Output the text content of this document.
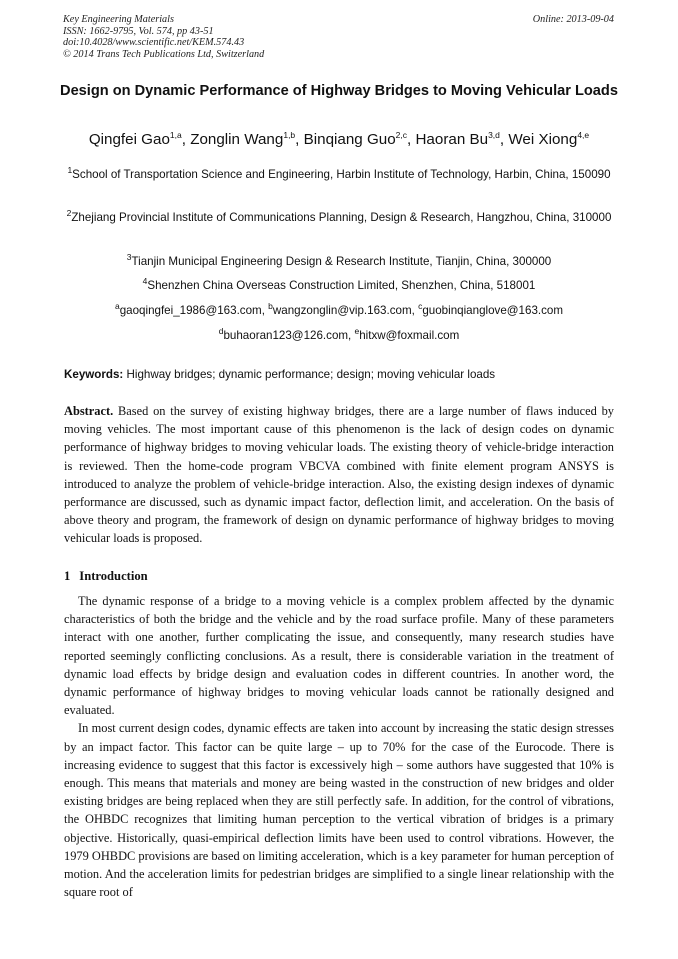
Key Engineering Materials
ISSN: 1662-9795, Vol. 574, pp 43-51
doi:10.4028/www.scientific.net/KEM.574.43
© 2014 Trans Tech Publications Ltd, Switzerland
Online: 2013-09-04
Design on Dynamic Performance of Highway Bridges to Moving Vehicular Loads
Qingfei Gao$^{1,a}$, Zonglin Wang$^{1,b}$, Binqiang Guo$^{2,c}$, Haoran Bu$^{3,d}$, Wei Xiong$^{4,e}$
$^1$School of Transportation Science and Engineering, Harbin Institute of Technology, Harbin, China, 150090
$^2$Zhejiang Provincial Institute of Communications Planning, Design & Research, Hangzhou, China, 310000
$^3$Tianjin Municipal Engineering Design & Research Institute, Tianjin, China, 300000
$^4$Shenzhen China Overseas Construction Limited, Shenzhen, China, 518001
$^a$gaoqingfei_1986@163.com, $^b$wangzonglin@vip.163.com, $^c$guobinqianglove@163.com
$^d$buhaoran123@126.com, $^e$hitxw@foxmail.com
Keywords: Highway bridges; dynamic performance; design; moving vehicular loads
Abstract. Based on the survey of existing highway bridges, there are a large number of flaws induced by moving vehicles. The most important cause of this phenomenon is the lack of design codes on dynamic performance of highway bridges to moving vehicular loads. The existing theory of vehicle-bridge interaction is reviewed. Then the home-code program VBCVA combined with finite element program ANSYS is introduced to analyze the problem of vehicle-bridge interaction. Also, the existing design indexes of dynamic performance are discussed, such as dynamic impact factor, deflection limit, and acceleration. On the basis of above theory and program, the framework of design on dynamic performance of highway bridges to moving vehicular loads is proposed.
1 Introduction

The dynamic response of a bridge to a moving vehicle is a complex problem affected by the dynamic characteristics of both the bridge and the vehicle and by the road surface profile. Many of these parameters interact with one another, further complicating the issue, and consequently, many research studies have reported seemingly conflicting conclusions. As a result, there is considerable variation in the treatment of dynamic load effects by bridge design and evaluation codes in different countries. In another word, the dynamic performance of highway bridges to moving vehicular loads cannot be rationally designed and evaluated.

In most current design codes, dynamic effects are taken into account by increasing the static design stresses by an impact factor. This factor can be quite large – up to 70% for the case of the Eurocode. There is increasing evidence to suggest that this factor is excessively high – some authors have suggested that 10% is enough. This means that materials and money are being wasted in the construction of new bridges and older existing bridges are being replaced when they are still perfectly safe. In addition, for the control of vibrations, the OHBDC recognizes that limiting human perception to the vertical vibration of bridges is a primary objective. Historically, quasi-empirical deflection limits have been used to control vibrations. However, the 1979 OHBDC provisions are based on limiting acceleration, which is a key parameter for human perception of motion. And the acceleration limits for pedestrian bridges are simplified to a single linear relationship with the square root of
